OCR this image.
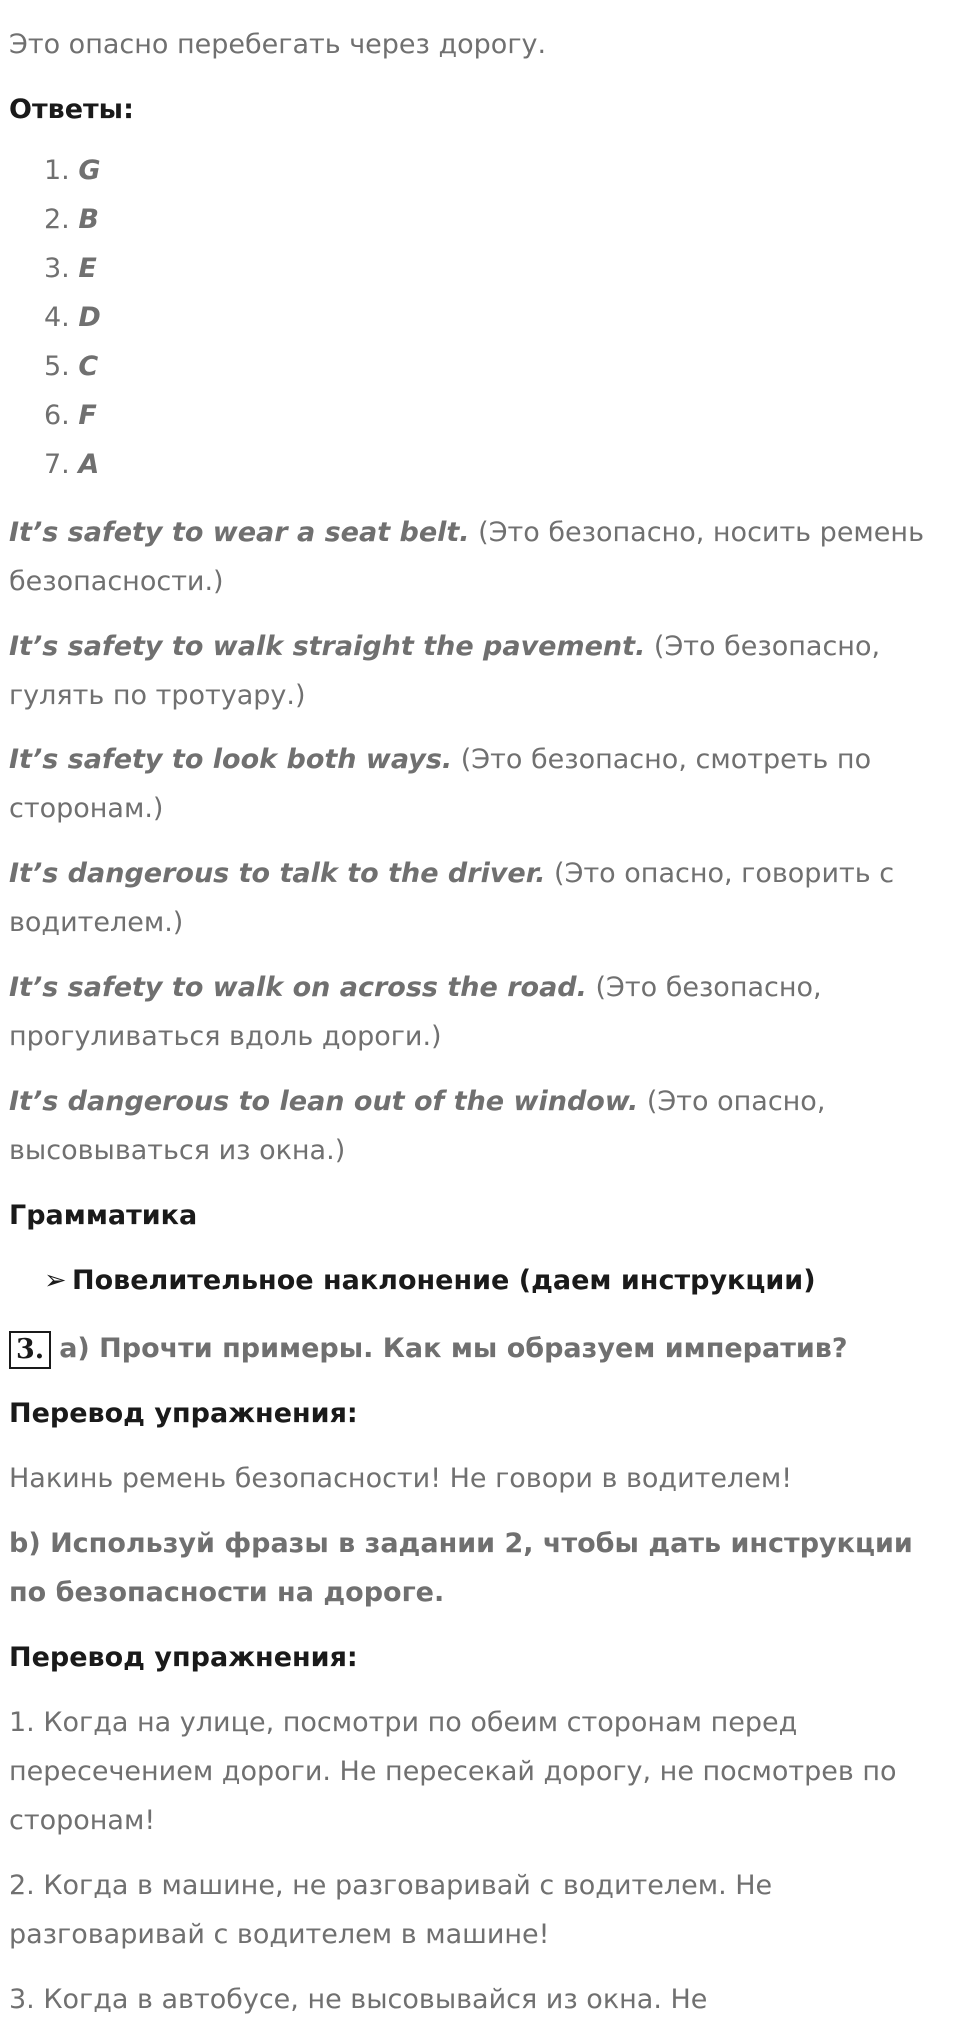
Это опасно перебегать через дорогу.
Ответы:
1. G
2. B
3. E
4. D
5. C
6. F
7. A

It’s safety to wear a seat belt. (Это безопасно, носить ремень безопасности.)

It’s safety to walk straight the pavement. (Это безопасно, гулять по тротуару.)

It’s safety to look both ways. (Это безопасно, смотреть по сторонам.)

It’s dangerous to talk to the driver. (Это опасно, говорить с водителем.)

It’s safety to walk on across the road. (Это безопасно, прогуливаться вдоль дороги.)

It’s dangerous to lean out of the window. (Это опасно, высовываться из окна.)

Грамматика
➢ Повелительное наклонение (даем инструкции)
3. а) Прочти примеры. Как мы образуем императив?
Перевод упражнения:
Накинь ремень безопасности! Не говори в водителем!

b) Используй фразы в задании 2, чтобы дать инструкции по безопасности на дороге.

Перевод упражнения:

1. Когда на улице, посмотри по обеим сторонам перед пересечением дороги. Не пересекай дорогу, не посмотрев по сторонам!

2. Когда в машине, не разговаривай с водителем. Не разговаривай с водителем в машине!

3. Когда в автобусе, не высовывайся из окна. Не
